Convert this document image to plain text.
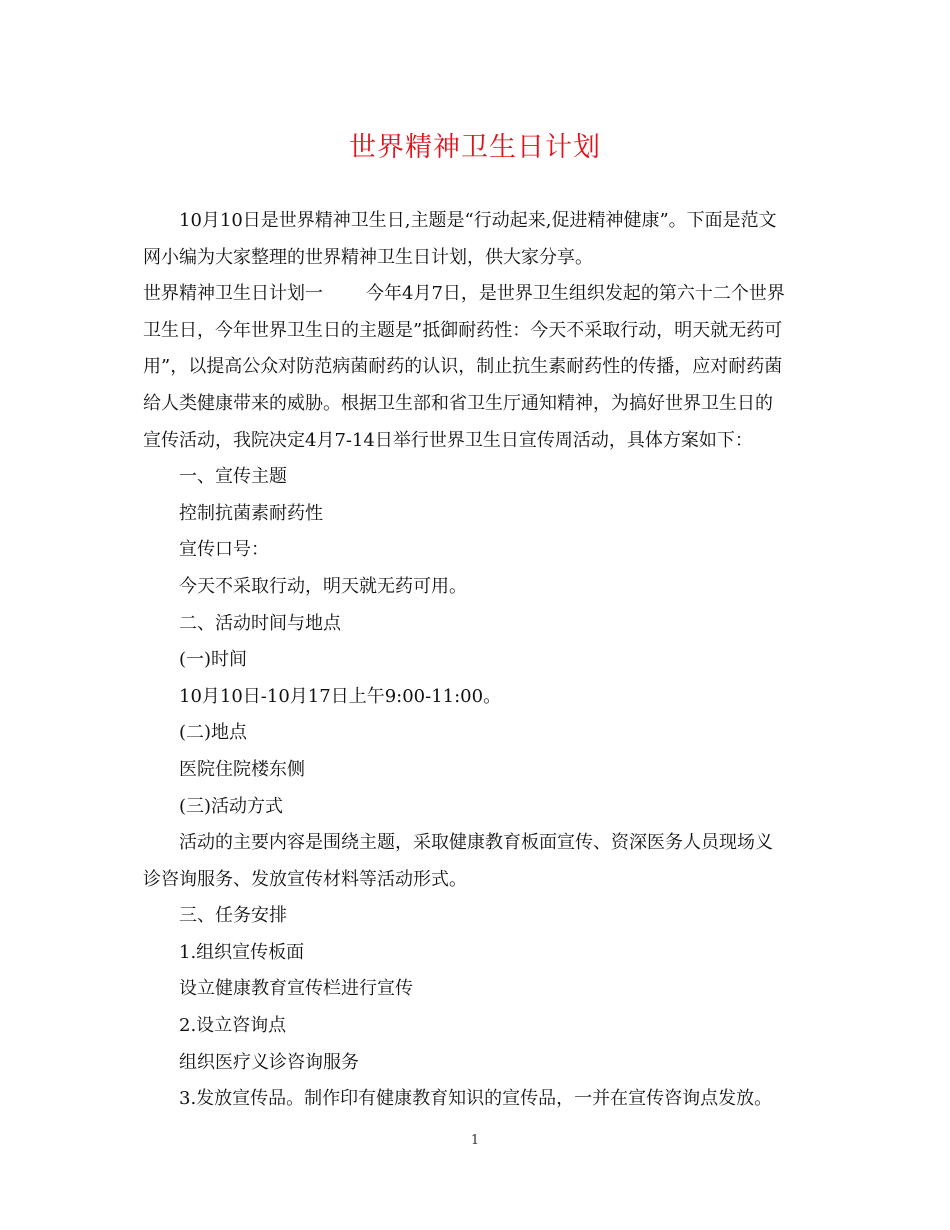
世界精神卫生日计划

10月10日是世界精神卫生日,主题是“行动起来,促进精神健康”。下面是范文

网小编为大家整理的世界精神卫生日计划，供大家分享。

世界精神卫生日计划一 今年4月7日，是世界卫生组织发起的第六十二个世界

卫生日，今年世界卫生日的主题是”抵御耐药性：今天不采取行动，明天就无药可

用”，以提高公众对防范病菌耐药的认识，制止抗生素耐药性的传播，应对耐药菌

给人类健康带来的威胁。根据卫生部和省卫生厅通知精神，为搞好世界卫生日的

宣传活动，我院决定4月7-14日举行世界卫生日宣传周活动，具体方案如下：

一、宣传主题

控制抗菌素耐药性

宣传口号：

今天不采取行动，明天就无药可用。

二、活动时间与地点

(一)时间

10月10日-10月17日上午9:00-11:00。

(二)地点

医院住院楼东侧

(三)活动方式

活动的主要内容是围绕主题，采取健康教育板面宣传、资深医务人员现场义

诊咨询服务、发放宣传材料等活动形式。

三、任务安排

1.组织宣传板面

设立健康教育宣传栏进行宣传

2.设立咨询点

组织医疗义诊咨询服务

3.发放宣传品。制作印有健康教育知识的宣传品，一并在宣传咨询点发放。

1
